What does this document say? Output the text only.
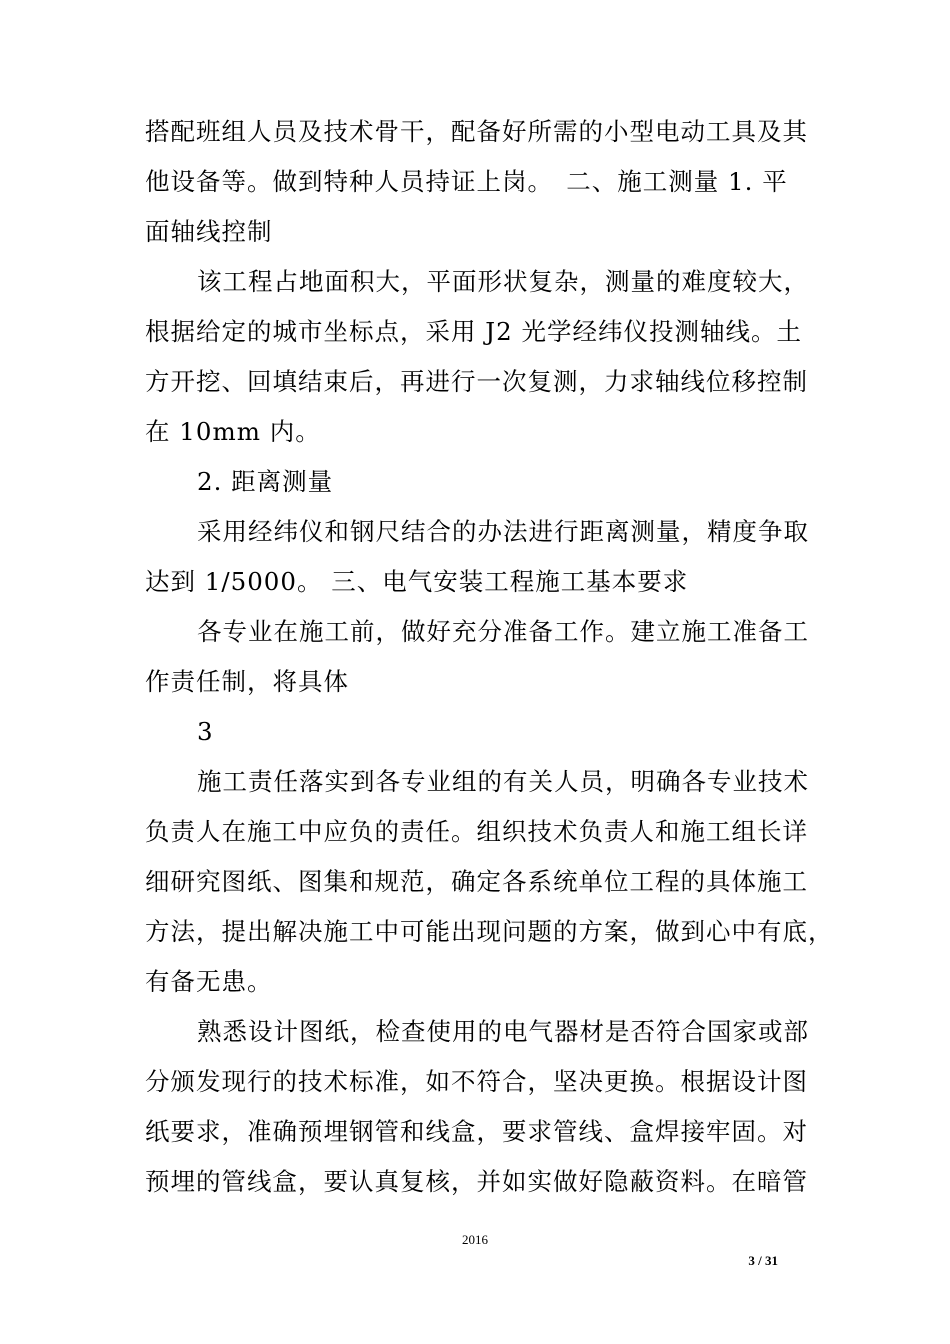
搭配班组人员及技术骨干，配备好所需的小型电动工具及其
他设备等。做到特种人员持证上岗。　二、施工测量 1. 平
面轴线控制
该工程占地面积大，平面形状复杂，测量的难度较大，
根据给定的城市坐标点，采用 J2 光学经纬仪投测轴线。土
方开挖、回填结束后，再进行一次复测，力求轴线位移控制
在 10mm 内。
2. 距离测量
采用经纬仪和钢尺结合的办法进行距离测量，精度争取
达到 1/5000。 三、电气安装工程施工基本要求
各专业在施工前，做好充分准备工作。建立施工准备工
作责任制，将具体
3
施工责任落实到各专业组的有关人员，明确各专业技术
负责人在施工中应负的责任。组织技术负责人和施工组长详
细研究图纸、图集和规范，确定各系统单位工程的具体施工
方法，提出解决施工中可能出现问题的方案，做到心中有底，
有备无患。
熟悉设计图纸，检查使用的电气器材是否符合国家或部
分颁发现行的技术标准，如不符合，坚决更换。根据设计图
纸要求，准确预埋钢管和线盒，要求管线、盒焊接牢固。对
预埋的管线盒，要认真复核，并如实做好隐蔽资料。在暗管
2016
3 / 31
